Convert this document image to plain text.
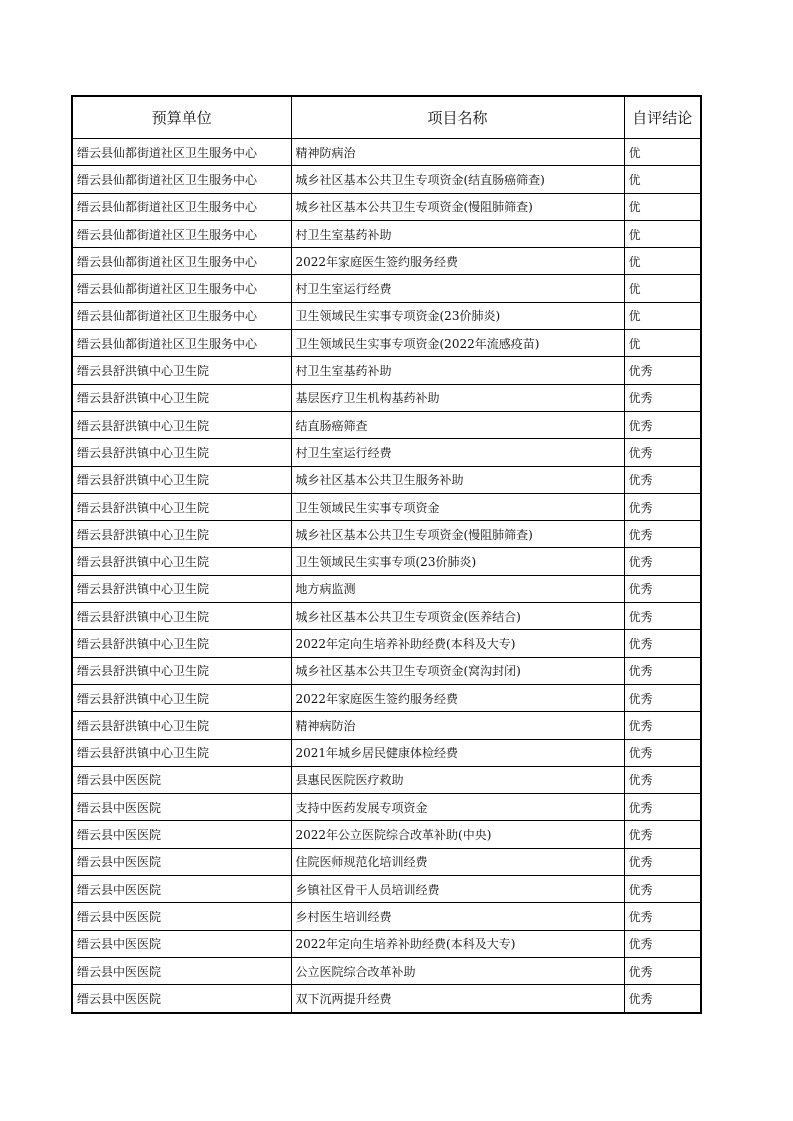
预算单位	项目名称	自评结论
缙云县仙都街道社区卫生服务中心	精神防病治	优
缙云县仙都街道社区卫生服务中心	城乡社区基本公共卫生专项资金(结直肠癌筛查)	优
缙云县仙都街道社区卫生服务中心	城乡社区基本公共卫生专项资金(慢阻肺筛查)	优
缙云县仙都街道社区卫生服务中心	村卫生室基药补助	优
缙云县仙都街道社区卫生服务中心	2022年家庭医生签约服务经费	优
缙云县仙都街道社区卫生服务中心	村卫生室运行经费	优
缙云县仙都街道社区卫生服务中心	卫生领域民生实事专项资金(23价肺炎)	优
缙云县仙都街道社区卫生服务中心	卫生领域民生实事专项资金(2022年流感疫苗)	优
缙云县舒洪镇中心卫生院	村卫生室基药补助	优秀
缙云县舒洪镇中心卫生院	基层医疗卫生机构基药补助	优秀
缙云县舒洪镇中心卫生院	结直肠癌筛查	优秀
缙云县舒洪镇中心卫生院	村卫生室运行经费	优秀
缙云县舒洪镇中心卫生院	城乡社区基本公共卫生服务补助	优秀
缙云县舒洪镇中心卫生院	卫生领域民生实事专项资金	优秀
缙云县舒洪镇中心卫生院	城乡社区基本公共卫生专项资金(慢阻肺筛查)	优秀
缙云县舒洪镇中心卫生院	卫生领域民生实事专项(23价肺炎)	优秀
缙云县舒洪镇中心卫生院	地方病监测	优秀
缙云县舒洪镇中心卫生院	城乡社区基本公共卫生专项资金(医养结合)	优秀
缙云县舒洪镇中心卫生院	2022年定向生培养补助经费(本科及大专)	优秀
缙云县舒洪镇中心卫生院	城乡社区基本公共卫生专项资金(窝沟封闭)	优秀
缙云县舒洪镇中心卫生院	2022年家庭医生签约服务经费	优秀
缙云县舒洪镇中心卫生院	精神病防治	优秀
缙云县舒洪镇中心卫生院	2021年城乡居民健康体检经费	优秀
缙云县中医医院	县惠民医院医疗救助	优秀
缙云县中医医院	支持中医药发展专项资金	优秀
缙云县中医医院	2022年公立医院综合改革补助(中央)	优秀
缙云县中医医院	住院医师规范化培训经费	优秀
缙云县中医医院	乡镇社区骨干人员培训经费	优秀
缙云县中医医院	乡村医生培训经费	优秀
缙云县中医医院	2022年定向生培养补助经费(本科及大专)	优秀
缙云县中医医院	公立医院综合改革补助	优秀
缙云县中医医院	双下沉两提升经费	优秀
